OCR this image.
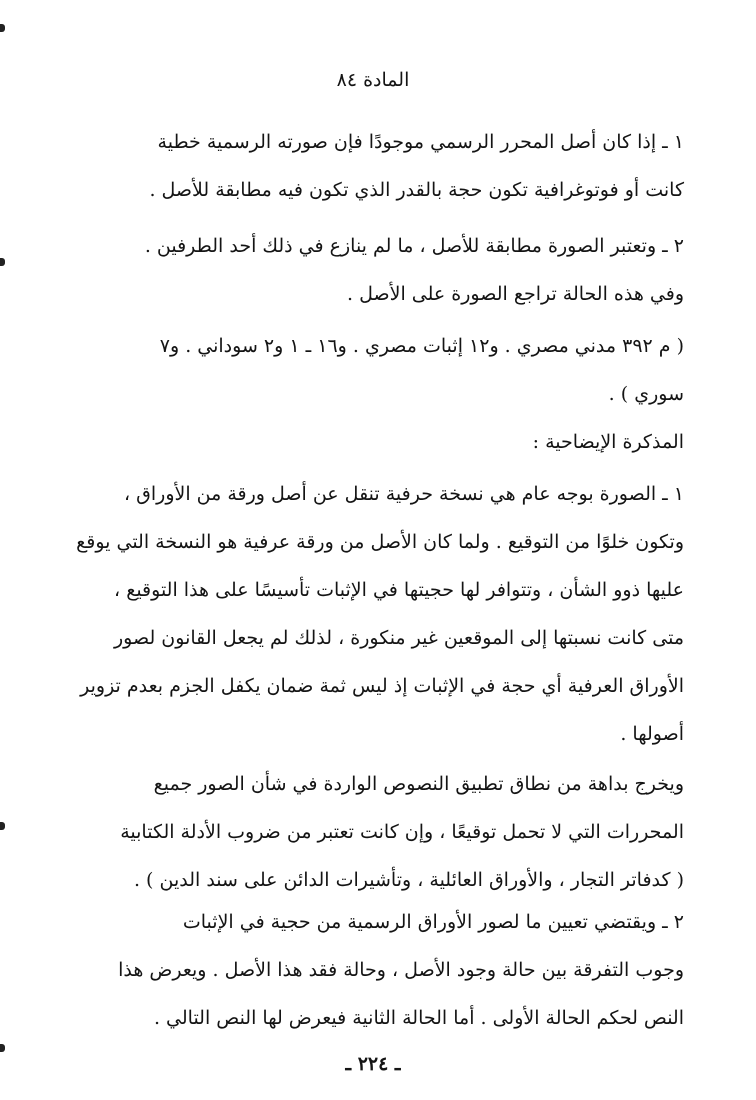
المادة ٨٤

١ ـ إذا كان أصل المحرر الرسمي موجودًا فإن صورته الرسمية خطية
كانت أو فوتوغرافية تكون حجة بالقدر الذي تكون فيه مطابقة للأصل .

٢ ـ وتعتبر الصورة مطابقة للأصل ، ما لم ينازع في ذلك أحد الطرفين .
وفي هذه الحالة تراجع الصورة على الأصل .

( م ٣٩٢ مدني مصري . و١٢ إثبات مصري . و١٦ ـ ١ و٢ سوداني . و٧
سوري ) .

المذكرة الإيضاحية :

١ ـ الصورة بوجه عام هي نسخة حرفية تنقل عن أصل ورقة من الأوراق ،
وتكون خلوًا من التوقيع . ولما كان الأصل من ورقة عرفية هو النسخة التي يوقع
عليها ذوو الشأن ، وتتوافر لها حجيتها في الإثبات تأسيسًا على هذا التوقيع ،
متى كانت نسبتها إلى الموقعين غير منكورة ، لذلك لم يجعل القانون لصور
الأوراق العرفية أي حجة في الإثبات إذ ليس ثمة ضمان يكفل الجزم بعدم تزوير
أصولها .

ويخرج بداهة من نطاق تطبيق النصوص الواردة في شأن الصور جميع
المحررات التي لا تحمل توقيعًا ، وإن كانت تعتبر من ضروب الأدلة الكتابية
( كدفاتر التجار ، والأوراق العائلية ، وتأشيرات الدائن على سند الدين ) .

٢ ـ ويقتضي تعيين ما لصور الأوراق الرسمية من حجية في الإثبات
وجوب التفرقة بين حالة وجود الأصل ، وحالة فقد هذا الأصل . ويعرض هذا
النص لحكم الحالة الأولى . أما الحالة الثانية فيعرض لها النص التالي .

ـ ٢٢٤ ـ
